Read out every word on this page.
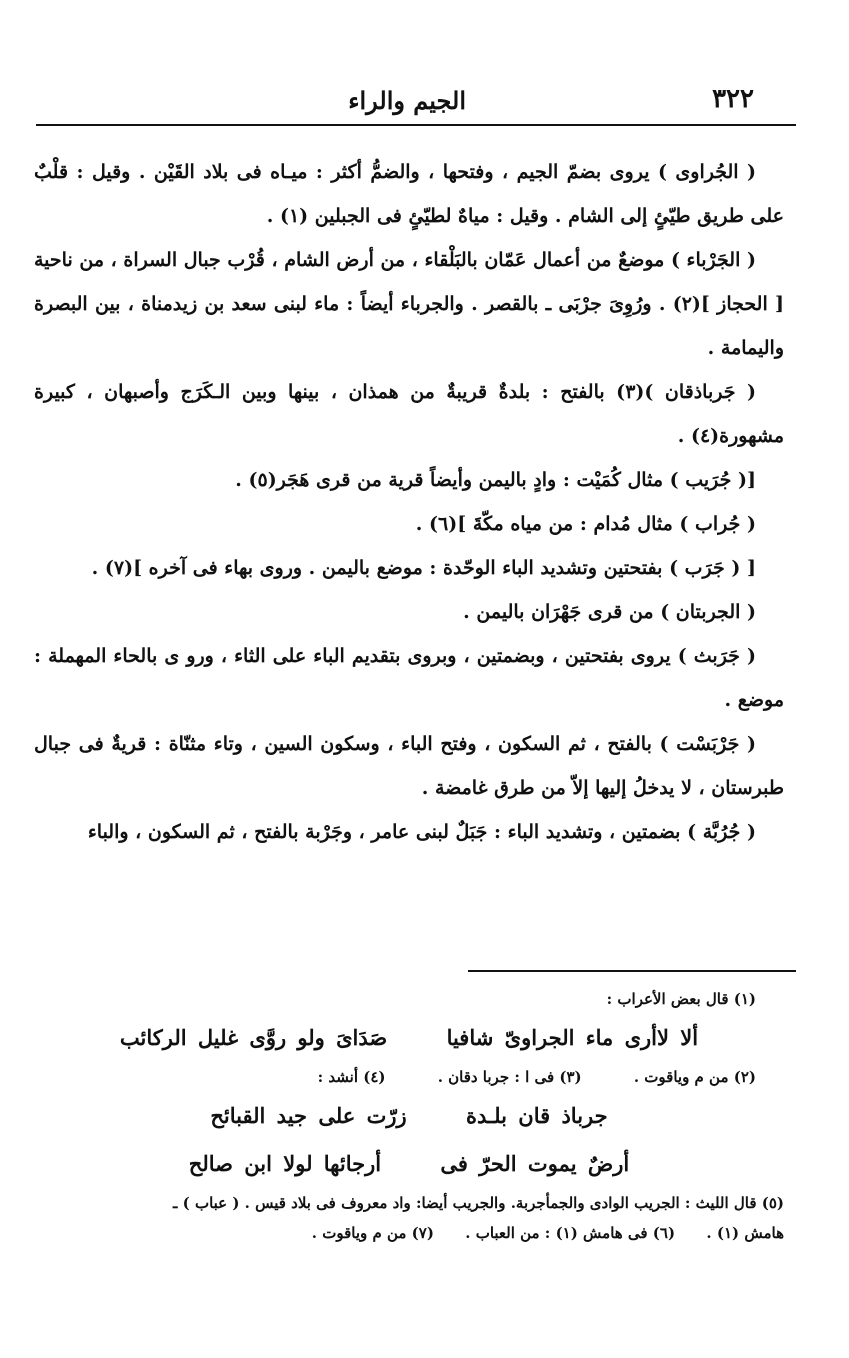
٣٢٢
الجيم والراء

( الجُراوى ) يروى بضمّ الجيم ، وفتحها ، والضمُّ أكثر : ميـاه فى بلاد القَيْن . وقيل : قلْبٌ على طريق طيّئٍ إلى الشام . وقيل : مياهٌ لطيّئٍ فى الجبلين (١) .

( الجَرْباء ) موضعٌ من أعمال عَمّان بالبَلْقاء ، من أرض الشام ، قُرْب جبال السراة ، من ناحية [ الحجاز ](٢) . ورُوِىَ جرْبَى ـ بالقصر . والجرباء أيضاً : ماء لبنى سعد بن زيدمناة ، بين البصرة واليمامة .

( جَرباذقان )(٣) بالفتح : بلدةٌ قريبةٌ من همذان ، بينها وبين الـكَرَج وأصبهان ، كبيرة مشهورة(٤) .

[( جُرَيب ) مثال كُمَيْت : وادٍ باليمن وأيضاً قرية من قرى هَجَر(٥) .

( جُراب ) مثال مُدام : من مياه مكّةَ ](٦) .

[ ( جَرَب ) بفتحتين وتشديد الباء الوحّدة : موضع باليمن . وروى بهاء فى آخره ](٧) .

( الجربتان ) من قرى جَهْرَان باليمن .

( جَرَبث ) يروى بفتحتين ، وبضمتين ، وبروى بتقديم الباء على الثاء ، ورو ى بالحاء المهملة : موضع .

( جَرْبَسْت ) بالفتح ، ثم السكون ، وفتح الباء ، وسكون السين ، وتاء مثنّاة : قريةٌ فى جبال طبرستان ، لا يدخلُ إليها إلاّ من طرق غامضة .

( جُرُبَّة ) بضمتين ، وتشديد الباء : جَبَلٌ لبنى عامر ، وجَرْبة بالفتح ، ثم السكون ، والباء

(١) قال بعض الأعراب :

ألا لاأرى ماء الجراوىّ شافيا صَدَاىَ ولو روَّى غليل الركائب

(٢) من م وياقوت .          (٣) فى ا : جربا دقان .          (٤) أنشد :

جرباذ قان بلـدة زرّت على جيد القبائح

أرضٌ يموت الحرّ فى أرجائها لولا ابن صالح

(٥) قال الليث : الجريب الوادى والجمأجربة. والجريب أيضا: واد معروف فى بلاد قيس . ( عباب ) ـ

هامش (١) .      (٦) فى هامش (١) : من العباب .      (٧) من م وياقوت .
